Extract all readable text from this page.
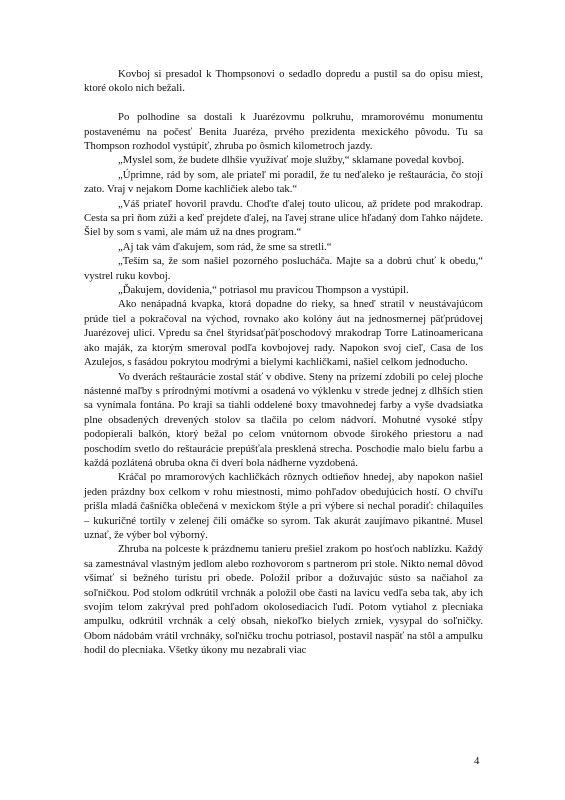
Kovboj si presadol k Thompsonovi o sedadlo dopredu a pustil sa do opisu miest, ktoré okolo nich bežali.

Po polhodine sa dostali k Juarézovmu polkruhu, mramorovému monumentu postavenému na počesť Benita Juaréza, prvého prezidenta mexického pôvodu. Tu sa Thompson rozhodol vystúpiť, zhruba po ôsmich kilometroch jazdy.

„Myslel som, že budete dlhšie využívať moje služby,“ sklamane povedal kovboj.

„Úprimne, rád by som, ale priateľ mi poradil, že tu neďaleko je reštaurácia, čo stojí zato. Vraj v nejakom Dome kachličiek alebo tak.“

„Váš priateľ hovoril pravdu. Choďte ďalej touto ulicou, až prídete pod mrakodrap. Cesta sa pri ňom zúži a keď prejdete ďalej, na ľavej strane ulice hľadaný dom ľahko nájdete. Šiel by som s vami, ale mám už na dnes program.“

„Aj tak vám ďakujem, som rád, že sme sa stretli.“

„Teším sa, že som našiel pozorného poslucháča. Majte sa a dobrú chuť k obedu,“ vystrel ruku kovboj.

„Ďakujem, dovidenia,“ potriasol mu pravicou Thompson a vystúpil.

Ako nenápadná kvapka, ktorá dopadne do rieky, sa hneď stratil v neustávajúcom prúde tiel a pokračoval na východ, rovnako ako kolóny áut na jednosmernej päťprúdovej Juarézovej ulici. Vpredu sa čnel štyridsaťpäťposchodový mrakodrap Torre Latinoamericana ako maják, za ktorým smeroval podľa kovbojovej rady. Napokon svoj cieľ, Casa de los Azulejos, s fasádou pokrytou modrými a bielymi kachličkami, našiel celkom jednoducho.

Vo dverách reštaurácie zostal stáť v obdive. Steny na prízemí zdobili po celej ploche nástenné maľby s prírodnými motívmi a osadená vo výklenku v strede jednej z dlhších stien sa vynímala fontána. Po kraji sa tiahli oddelené boxy tmavohnedej farby a vyše dvadsiatka plne obsadených drevených stolov sa tlačila po celom nádvorí. Mohutné vysoké stĺpy podopierali balkón, ktorý bežal po celom vnútornom obvode širokého priestoru a nad poschodím svetlo do reštaurácie prepúšťala presklená strecha. Poschodie malo bielu farbu a každá pozlátená obruba okna či dverí bola nádherne vyzdobená.

Kráčal po mramorových kachličkách rôznych odtieňov hnedej, aby napokon našiel jeden prázdny box celkom v rohu miestnosti, mimo pohľadov obedujúcich hostí. O chvíľu prišla mladá čašníčka oblečená v mexickom štýle a pri výbere si nechal poradiť: chilaquiles – kukuričné tortily v zelenej čili omáčke so syrom. Tak akurát zaujímavo pikantné. Musel uznať, že výber bol výborný.

Zhruba na polceste k prázdnemu tanieru prešiel zrakom po hosťoch nablízku. Každý sa zamestnával vlastným jedlom alebo rozhovorom s partnerom pri stole. Nikto nemal dôvod všímať si bežného turistu pri obede. Položil príbor a dožuvajúc sústo sa načiahol za soľničkou. Pod stolom odkrútil vrchnák a položil obe časti na lavicu vedľa seba tak, aby ich svojím telom zakrýval pred pohľadom okolosediacich ľudí. Potom vytiahol z plecniaka ampulku, odkrútil vrchnák a celý obsah, niekoľko bielych zrniek, vysypal do soľničky. Obom nádobám vrátil vrchnáky, soľničku trochu potriasol, postavil naspäť na stôl a ampulku hodil do plecniaka. Všetky úkony mu nezabrali viac

4
